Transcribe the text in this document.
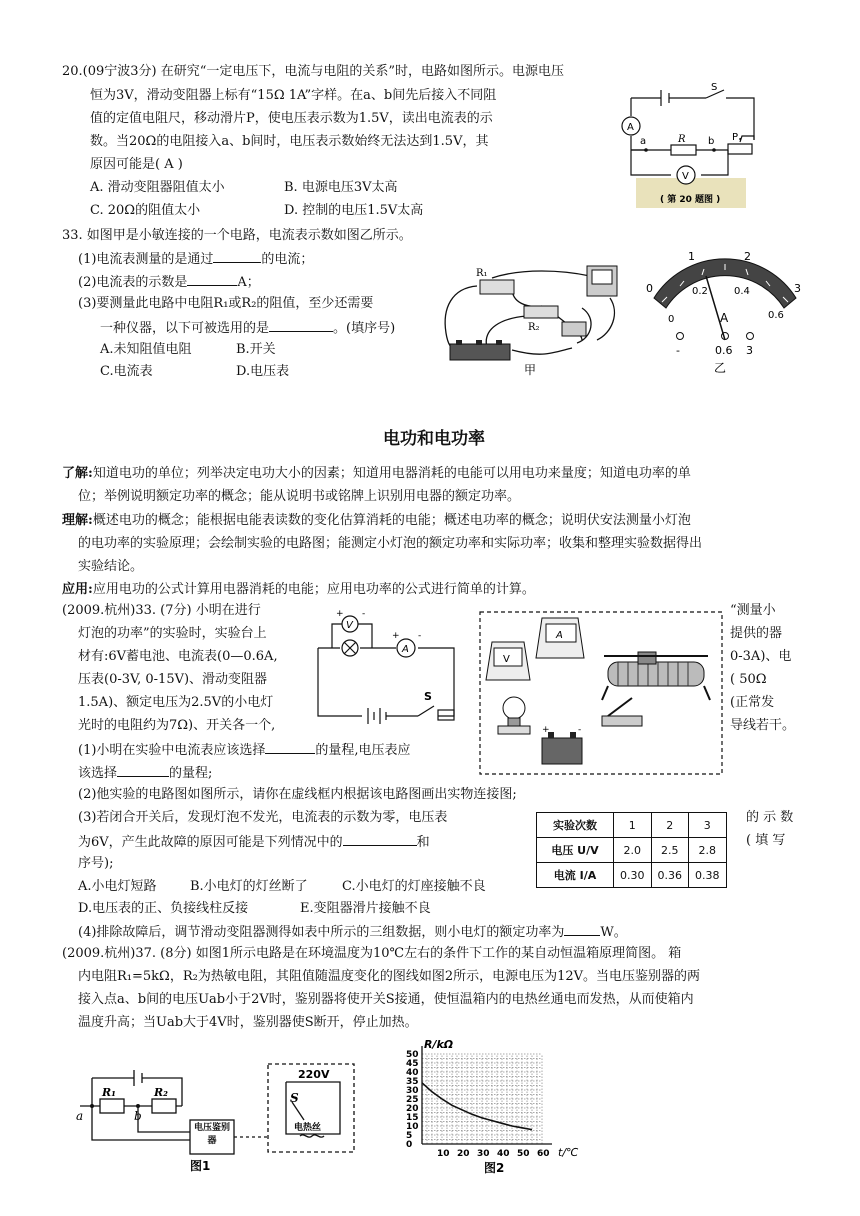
20.(09宁波3分) 在研究“一定电压下，电流与电阻的关系”时，电路如图所示。电源电压
恒为3V，滑动变阻器上标有“15Ω 1A”字样。在a、b间先后接入不同阻
值的定值电阻尺，移动滑片P，使电压表示数为1.5V，读出电流表的示
数。当20Ω的电阻接入a、b间时，电压表示数始终无法达到1.5V，其
原因可能是( A )
A. 滑动变阻器阻值太小	B. 电源电压3V太高
C. 20Ω的阻值太小	D. 控制的电压1.5V太高
A
V
S
R
a	b P
( 第 20 题图 )
33. 如图甲是小敏连接的一个电路，电流表示数如图乙所示。
(1)电流表测量的是通过	的电流；
(2)电流表的示数是	A；
(3)要测量此电路中电阻R₁或R₂的阻值，至少还需要
一种仪器，以下可被选用的是	。(填序号)
A.未知阻值电阻	B.开关
C.电流表	D.电压表
R₁
R₂
甲
0
1	2
3
0
0.2	0.4
0.6
A
-	0.6 3
乙
电功和电功率
了解:知道电功的单位；列举决定电功大小的因素；知道用电器消耗的电能可以用电功来量度；知道电功率的单
位；举例说明额定功率的概念；能从说明书或铭牌上识别用电器的额定功率。
理解:概述电功的概念；能根据电能表读数的变化估算消耗的电能；概述电功率的概念；说明伏安法测量小灯泡
的电功率的实验原理；会绘制实验的电路图；能测定小灯泡的额定功率和实际功率；收集和整理实验数据得出
实验结论。
应用:应用电功的公式计算用电器消耗的电能；应用电功率的公式进行简单的计算。
(2009.杭州)33. (7分) 小明在进行
灯泡的功率”的实验时，实验台上
材有:6V蓄电池、电流表(0—0.6A,
压表(0-3V, 0-15V)、滑动变阻器
1.5A)、额定电压为2.5V的小电灯
光时的电阻约为7Ω)、开关各一个,
“测量小
提供的器
0-3A)、电
( 50Ω
(正常发
导线若干。
V
A
S
+ -
+ -
V
A
+	-
(1)小明在实验中电流表应该选择	的量程,电压表应
该选择	的量程;
(2)他实验的电路图如图所示，请你在虚线框内根据该电路图画出实物连接图;
(3)若闭合开关后，发现灯泡不发光，电流表的示数为零，电压表	的 示 数
为6V，产生此故障的原因可能是下列情况中的	和	( 填 写
序号);
A.小电灯短路	B.小电灯的灯丝断了	C.小电灯的灯座接触不良
D.电压表的正、负接线柱反接	E.变阻器滑片接触不良
(4)排除故障后，调节滑动变阻器测得如表中所示的三组数据，则小电灯的额定功率为	W。
实验次数	1	2	3
电压 U/V	2.0	2.5	2.8
电流 I/A	0.30	0.36	0.38
(2009.杭州)37. (8分) 如图1所示电路是在环境温度为10℃左右的条件下工作的某自动恒温箱原理简图。 箱
内电阻R₁=5kΩ，R₂为热敏电阻，其阻值随温度变化的图线如图2所示，电源电压为12V。当电压鉴别器的两
接入点a、b间的电压Uab小于2V时，鉴别器将使开关S接通，使恒温箱内的电热丝通电而发热，从而使箱内
温度升高；当Uab大于4V时，鉴别器使S断开，停止加热。
a	b
R₁	R₂
电压鉴别器
220V
S
电热丝
图1
R/kΩ
t/℃
图2
10 20 30 40 50 60
0
5
10
15
20
25
30
35
40
45
50
